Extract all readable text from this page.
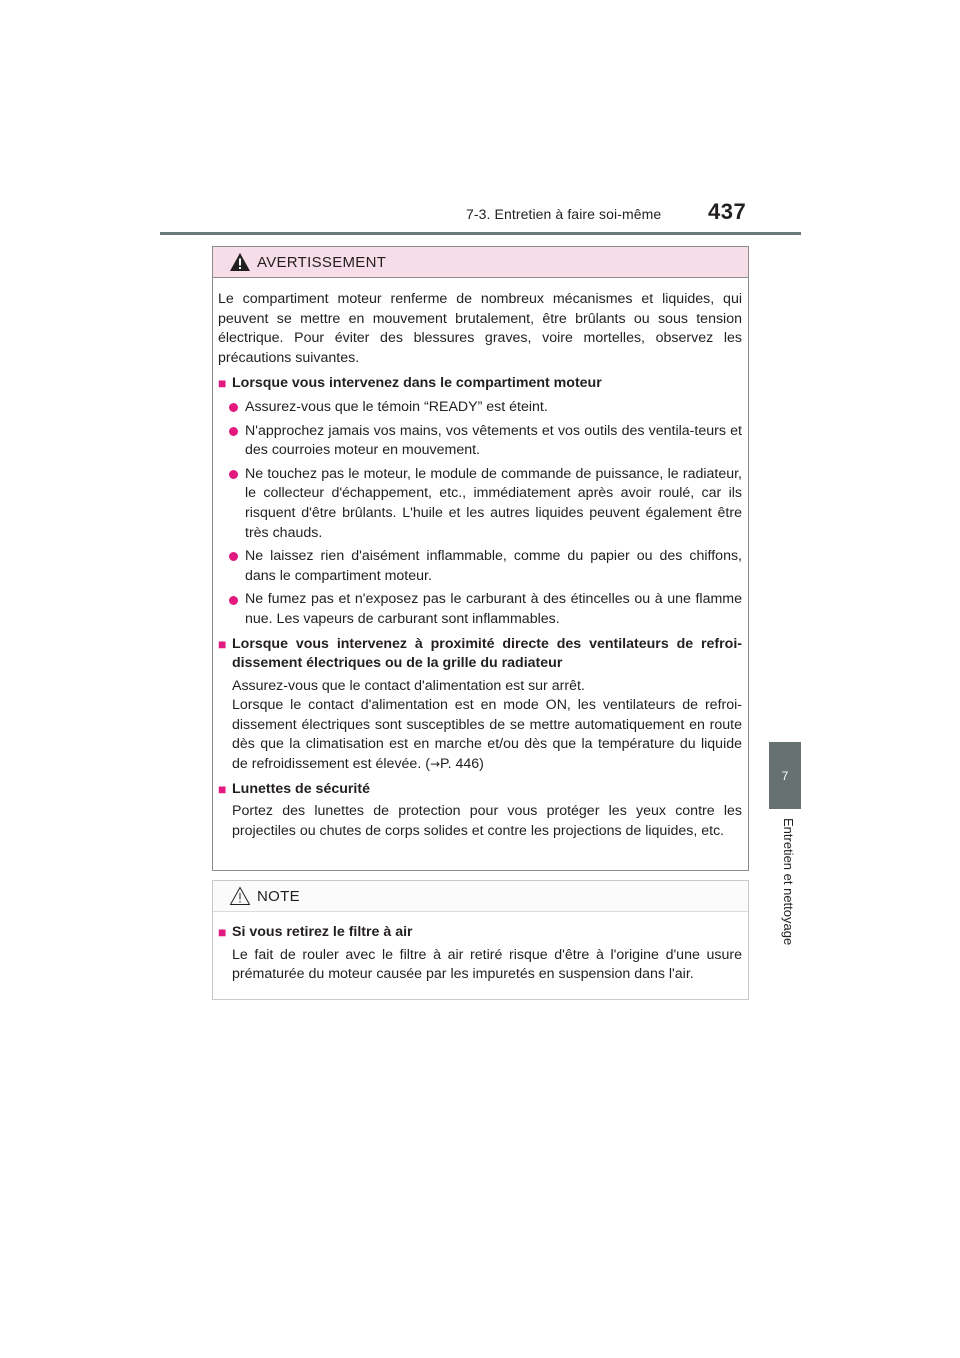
7-3. Entretien à faire soi-même 437
7
Entretien et nettoyage
AVERTISSEMENT

Le compartiment moteur renferme de nombreux mécanismes et liquides, qui peuvent se mettre en mouvement brutalement, être brûlants ou sous tension électrique. Pour éviter des blessures graves, voire mortelles, observez les précautions suivantes.

■ Lorsque vous intervenez dans le compartiment moteur
Assurez-vous que le témoin “READY” est éteint.
N'approchez jamais vos mains, vos vêtements et vos outils des ventila-teurs et des courroies moteur en mouvement.
Ne touchez pas le moteur, le module de commande de puissance, le radiateur, le collecteur d'échappement, etc., immédiatement après avoir roulé, car ils risquent d'être brûlants. L'huile et les autres liquides peuvent également être très chauds.
Ne laissez rien d'aisément inflammable, comme du papier ou des chiffons, dans le compartiment moteur.
Ne fumez pas et n'exposez pas le carburant à des étincelles ou à une flamme nue. Les vapeurs de carburant sont inflammables.
■ Lorsque vous intervenez à proximité directe des ventilateurs de refroi-dissement électriques ou de la grille du radiateur
Assurez-vous que le contact d'alimentation est sur arrêt.
Lorsque le contact d'alimentation est en mode ON, les ventilateurs de refroi-dissement électriques sont susceptibles de se mettre automatiquement en route dès que la climatisation est en marche et/ou dès que la température du liquide de refroidissement est élevée. (→P. 446)
■ Lunettes de sécurité
Portez des lunettes de protection pour vous protéger les yeux contre les projectiles ou chutes de corps solides et contre les projections de liquides, etc.
NOTE
■ Si vous retirez le filtre à air
Le fait de rouler avec le filtre à air retiré risque d'être à l'origine d'une usure prématurée du moteur causée par les impuretés en suspension dans l'air.
